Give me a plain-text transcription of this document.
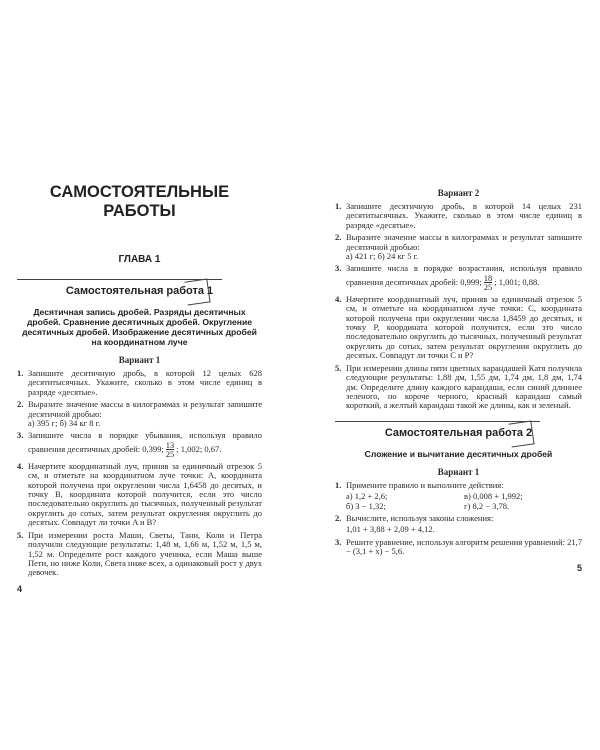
САМОСТОЯТЕЛЬНЫЕ
РАБОТЫ
ГЛАВА 1
Самостоятельная работа 1
Десятичная запись дробей. Разряды десятичных дробей. Сравнение десятичных дробей. Округление десятичных дробей. Изображение десятичных дробей на координатном луче
Вариант 1
1. Запишите десятичную дробь, в которой 12 целых 628 десятитысячных. Укажите, сколько в этом числе единиц в разряде «десятые».
2. Выразите значение массы в килограммах и результат запишите десятичной дробью:
а) 395 г; б) 34 кг 8 г.
3. Запишите числа в порядке убывания, используя правило сравнения десятичных дробей: 0,399; $\frac{13}{25}$ ; 1,002; 0,67.
4. Начертите координатный луч, приняв за единичный отрезок 5 см, и отметьте на координатном луче точки: A, координата которой получена при округлении числа 1,6458 до десятых, и точку B, координата которой получится, если это число последовательно округлить до тысячных, полученный результат округлить до сотых, затем результат округления округлить до десятых. Совпадут ли точки A и B?
5. При измерении роста Маши, Светы, Тани, Коли и Петра получили следующие результаты: 1,48 м, 1,66 м, 1,52 м, 1,5 м, 1,52 м. Определите рост каждого ученика, если Маша выше Пети, но ниже Коли, Света ниже всех, а одинаковый рост у двух девочек.
4
Вариант 2
1. Запишите десятичную дробь, в которой 14 целых 231 десятитысячных. Укажите, сколько в этом числе единиц в разряде «десятые».
2. Выразите значение массы в килограммах и результат запишите десятичной дробью:
а) 421 г; б) 24 кг 5 г.
3. Запишите числа в порядке возрастания, используя правило сравнения десятичных дробей: 0,999; $\frac{18}{25}$ ; 1,001; 0,88.
4. Начертите координатный луч, приняв за единичный отрезок 5 см, и отметьте на координатном луче точки: C, координата которой получена при округлении числа 1,8459 до десятых, и точку P, координата которой получится, если это число последовательно округлить до тысячных, полученный результат округлить до сотых, затем результат округления округлить до десятых. Совпадут ли точки C и P?
5. При измерении длины пяти цветных карандашей Катя получила следующие результаты: 1,88 дм, 1,55 дм, 1,74 дм, 1,8 дм, 1,74 дм. Определите длину каждого карандаша, если синий длиннее зеленого, но короче черного, красный карандаш самый короткий, а желтый карандаш такой же длины, как и зеленый.
Самостоятельная работа 2
Сложение и вычитание десятичных дробей
Вариант 1
1. Примените правило и выполните действия:
а) 1,2 + 2,6;	в) 0,008 + 1,992;
б) 3 − 1,32;	г) 8,2 − 3,78.
2. Вычислите, используя законы сложения:
1,01 + 3,88 + 2,09 + 4,12.
3. Решите уравнение, используя алгоритм решения уравнений: 21,7 − (3,1 + x) − 5,6.
5
